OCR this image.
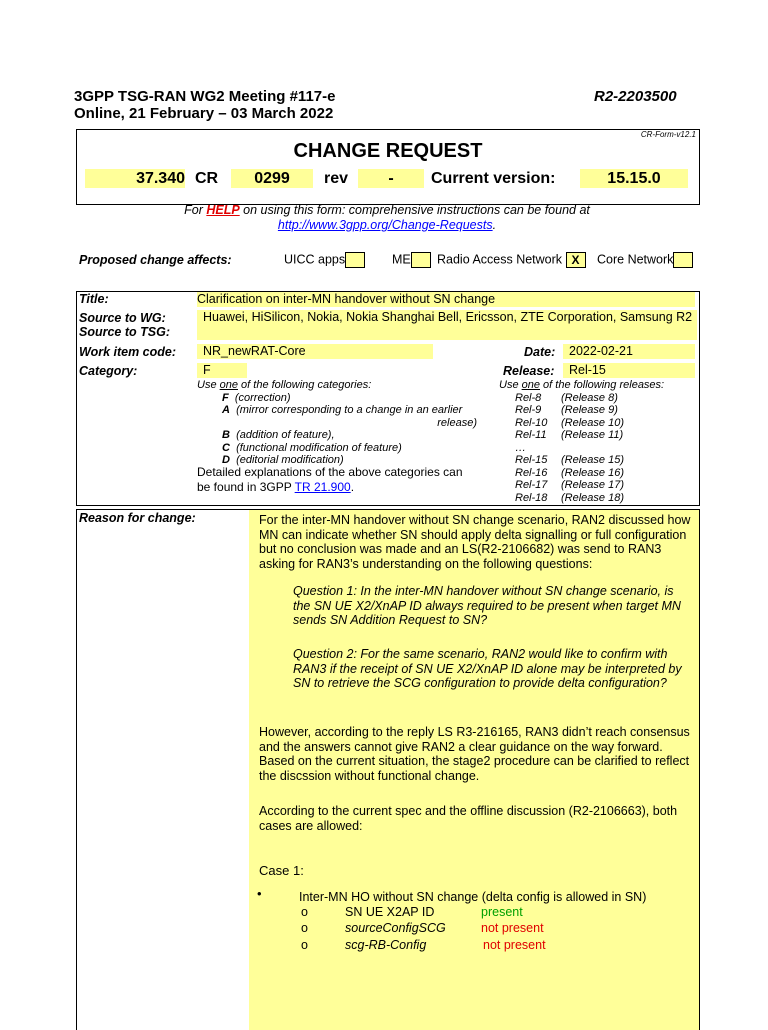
3GPP TSG-RAN WG2 Meeting #117-e
Online, 21 February – 03 March 2022
R2-2203500
CR-Form-v12.1
CHANGE REQUEST
37.340 CR	0299	rev	-	Current version:	15.15.0
For HELP on using this form: comprehensive instructions can be found at
http://www.3gpp.org/Change-Requests.
Proposed change affects:	UICC apps	ME	Radio Access Network X	Core Network
Title:	Clarification on inter-MN handover without SN change
Source to WG:
Source to TSG:
Huawei, HiSilicon, Nokia, Nokia Shanghai Bell, Ericsson, ZTE Corporation, Samsung R2
Work item code:	NR_newRAT-Core	Date:	2022-02-21
Category:	F	Release:	Rel-15
Use one of the following categories:
F (correction)
A (mirror corresponding to a change in an earlier
release)
B (addition of feature),
C (functional modification of feature)
D (editorial modification)
Detailed explanations of the above categories can
be found in 3GPP TR 21.900.
Use one of the following releases:
Rel-8	(Release 8)
Rel-9	(Release 9)
Rel-10	(Release 10)
Rel-11	(Release 11)
…
Rel-15	(Release 15)
Rel-16	(Release 16)
Rel-17	(Release 17)
Rel-18	(Release 18)
Reason for change:	For the inter-MN handover without SN change scenario, RAN2 discussed how MN can indicate whether SN should apply delta signalling or full configuration but no conclusion was made and an LS(R2-2106682) was send to RAN3 asking for RAN3’s understanding on the following questions:
Question 1: In the inter-MN handover without SN change scenario, is the SN UE X2/XnAP ID always required to be present when target MN sends SN Addition Request to SN?
Question 2: For the same scenario, RAN2 would like to confirm with RAN3 if the receipt of SN UE X2/XnAP ID alone may be interpreted by SN to retrieve the SCG configuration to provide delta configuration?
However, according to the reply LS R3-216165, RAN3 didn’t reach consensus and the answers cannot give RAN2 a clear guidance on the way forward. Based on the current situation, the stage2 procedure can be clarified to reflect the discssion without functional change.
According to the current spec and the offline discussion (R2-2106663), both cases are allowed:
Case 1:
•	Inter-MN HO without SN change (delta config is allowed in SN)
o	SN UE X2AP ID	present
o	sourceConfigSCG	not present
o	scg-RB-Config	not present
